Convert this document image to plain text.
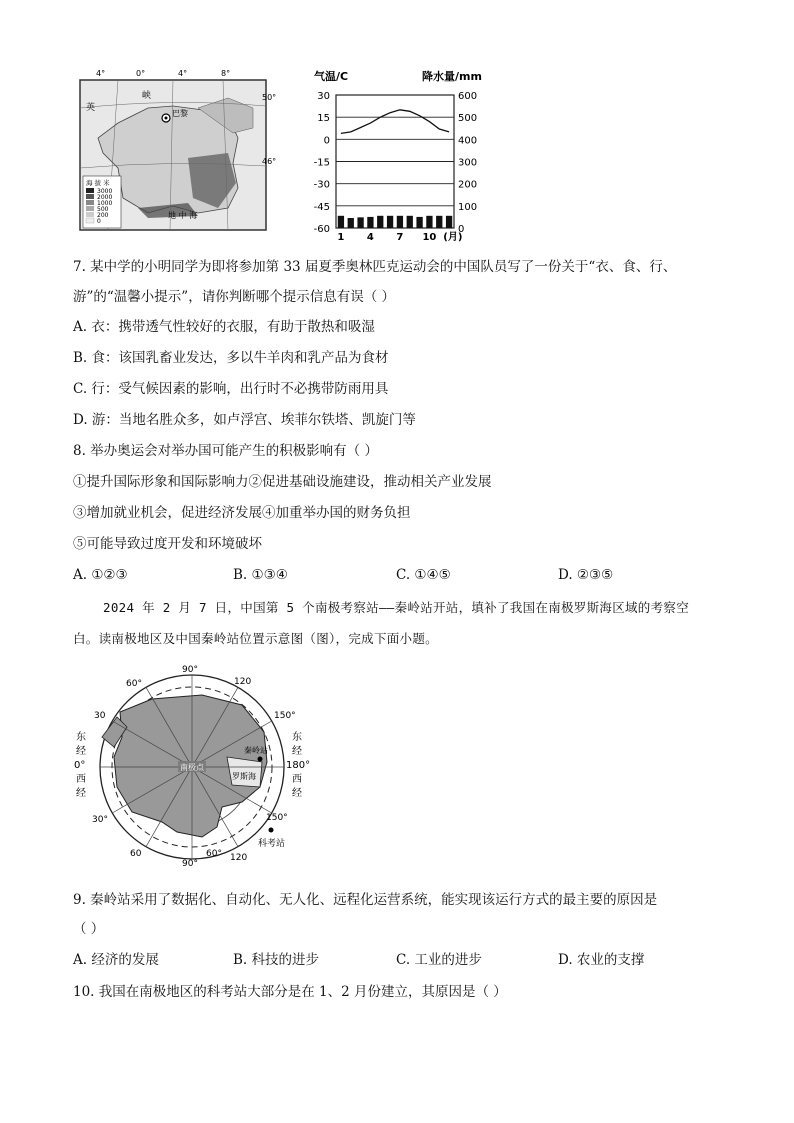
4°	0°	4°	8°
50°
46°
英
峡
巴黎
地 中 海
海 拔 米
3000
2000
1000
500
200
0
气温/C	降水量/mm
30	600
15	500
0	400
-15	300
-30	200
-45	100
-60	0
1 4 7 10 (月)
7. 某中学的小明同学为即将参加第 33 届夏季奥林匹克运动会的中国队员写了一份关于“衣、食、行、
游”的“温馨小提示”，请你判断哪个提示信息有误（ ）
A. 衣：携带透气性较好的衣服，有助于散热和吸湿
B. 食：该国乳畜业发达，多以牛羊肉和乳产品为食材
C. 行：受气候因素的影响，出行时不必携带防雨用具
D. 游：当地名胜众多，如卢浮宫、埃菲尔铁塔、凯旋门等
8. 举办奥运会对举办国可能产生的积极影响有（ ）
①提升国际形象和国际影响力②促进基础设施建设，推动相关产业发展
③增加就业机会，促进经济发展④加重举办国的财务负担
⑤可能导致过度开发和环境破坏
A. ①②③	B. ①③④	C. ①④⑤	D. ②③⑤
2024 年 2 月 7 日，中国第 5 个南极考察站——秦岭站开站，填补了我国在南极罗斯海区域的考察空
白。读南极地区及中国秦岭站位置示意图（图），完成下面小题。
南极点
秦岭站
罗斯海
90°
120
150°
30
60°
东
经
0°
西
经
东
经
180°
西
经
30°
60
90°
60° 120
150°
科考站
9. 秦岭站采用了数据化、自动化、无人化、远程化运营系统，能实现该运行方式的最主要的原因是
（ ）
A. 经济的发展	B. 科技的进步	C. 工业的进步	D. 农业的支撑
10. 我国在南极地区的科考站大部分是在 1、2 月份建立，其原因是（ ）
